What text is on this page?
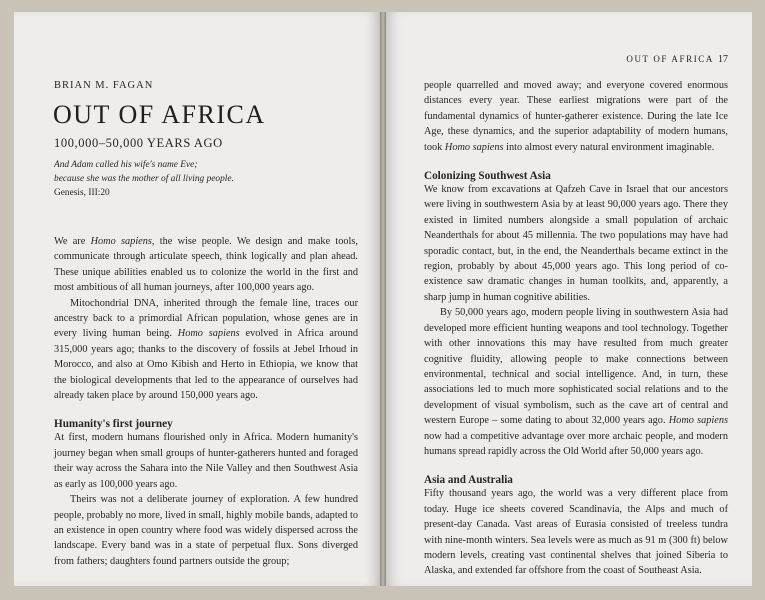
BRIAN M. FAGAN
OUT OF AFRICA
100,000–50,000 YEARS AGO
And Adam called his wife's name Eve;
because she was the mother of all living people.
Genesis, III:20

We are Homo sapiens, the wise people. We design and make tools, communicate through articulate speech, think logically and plan ahead. These unique abilities enabled us to colonize the world in the first and most ambitious of all human journeys, after 100,000 years ago.

Mitochondrial DNA, inherited through the female line, traces our ancestry back to a primordial African population, whose genes are in every living human being. Homo sapiens evolved in Africa around 315,000 years ago; thanks to the discovery of fossils at Jebel Irhoud in Morocco, and also at Omo Kibish and Herto in Ethiopia, we know that the biological developments that led to the appearance of ourselves had already taken place by around 150,000 years ago.

Humanity's first journey

At first, modern humans flourished only in Africa. Modern humanity's journey began when small groups of hunter-gatherers hunted and foraged their way across the Sahara into the Nile Valley and then Southwest Asia as early as 100,000 years ago.

Theirs was not a deliberate journey of exploration. A few hundred people, probably no more, lived in small, highly mobile bands, adapted to an existence in open country where food was widely dispersed across the landscape. Every band was in a state of perpetual flux. Sons diverged from fathers; daughters found partners outside the group;

OUT OF AFRICA 17

people quarrelled and moved away; and everyone covered enormous distances every year. These earliest migrations were part of the fundamental dynamics of hunter-gatherer existence. During the late Ice Age, these dynamics, and the superior adaptability of modern humans, took Homo sapiens into almost every natural environment imaginable.

Colonizing Southwest Asia

We know from excavations at Qafzeh Cave in Israel that our ancestors were living in southwestern Asia by at least 90,000 years ago. There they existed in limited numbers alongside a small population of archaic Neanderthals for about 45 millennia. The two populations may have had sporadic contact, but, in the end, the Neanderthals became extinct in the region, probably by about 45,000 years ago. This long period of co-existence saw dramatic changes in human toolkits, and, apparently, a sharp jump in human cognitive abilities.

By 50,000 years ago, modern people living in southwestern Asia had developed more efficient hunting weapons and tool technology. Together with other innovations this may have resulted from much greater cognitive fluidity, allowing people to make connections between environmental, technical and social intelligence. And, in turn, these associations led to much more sophisticated social relations and to the development of visual symbolism, such as the cave art of central and western Europe – some dating to about 32,000 years ago. Homo sapiens now had a competitive advantage over more archaic people, and modern humans spread rapidly across the Old World after 50,000 years ago.

Asia and Australia

Fifty thousand years ago, the world was a very different place from today. Huge ice sheets covered Scandinavia, the Alps and much of present-day Canada. Vast areas of Eurasia consisted of treeless tundra with nine-month winters. Sea levels were as much as 91 m (300 ft) below modern levels, creating vast continental shelves that joined Siberia to Alaska, and extended far offshore from the coast of Southeast Asia.
